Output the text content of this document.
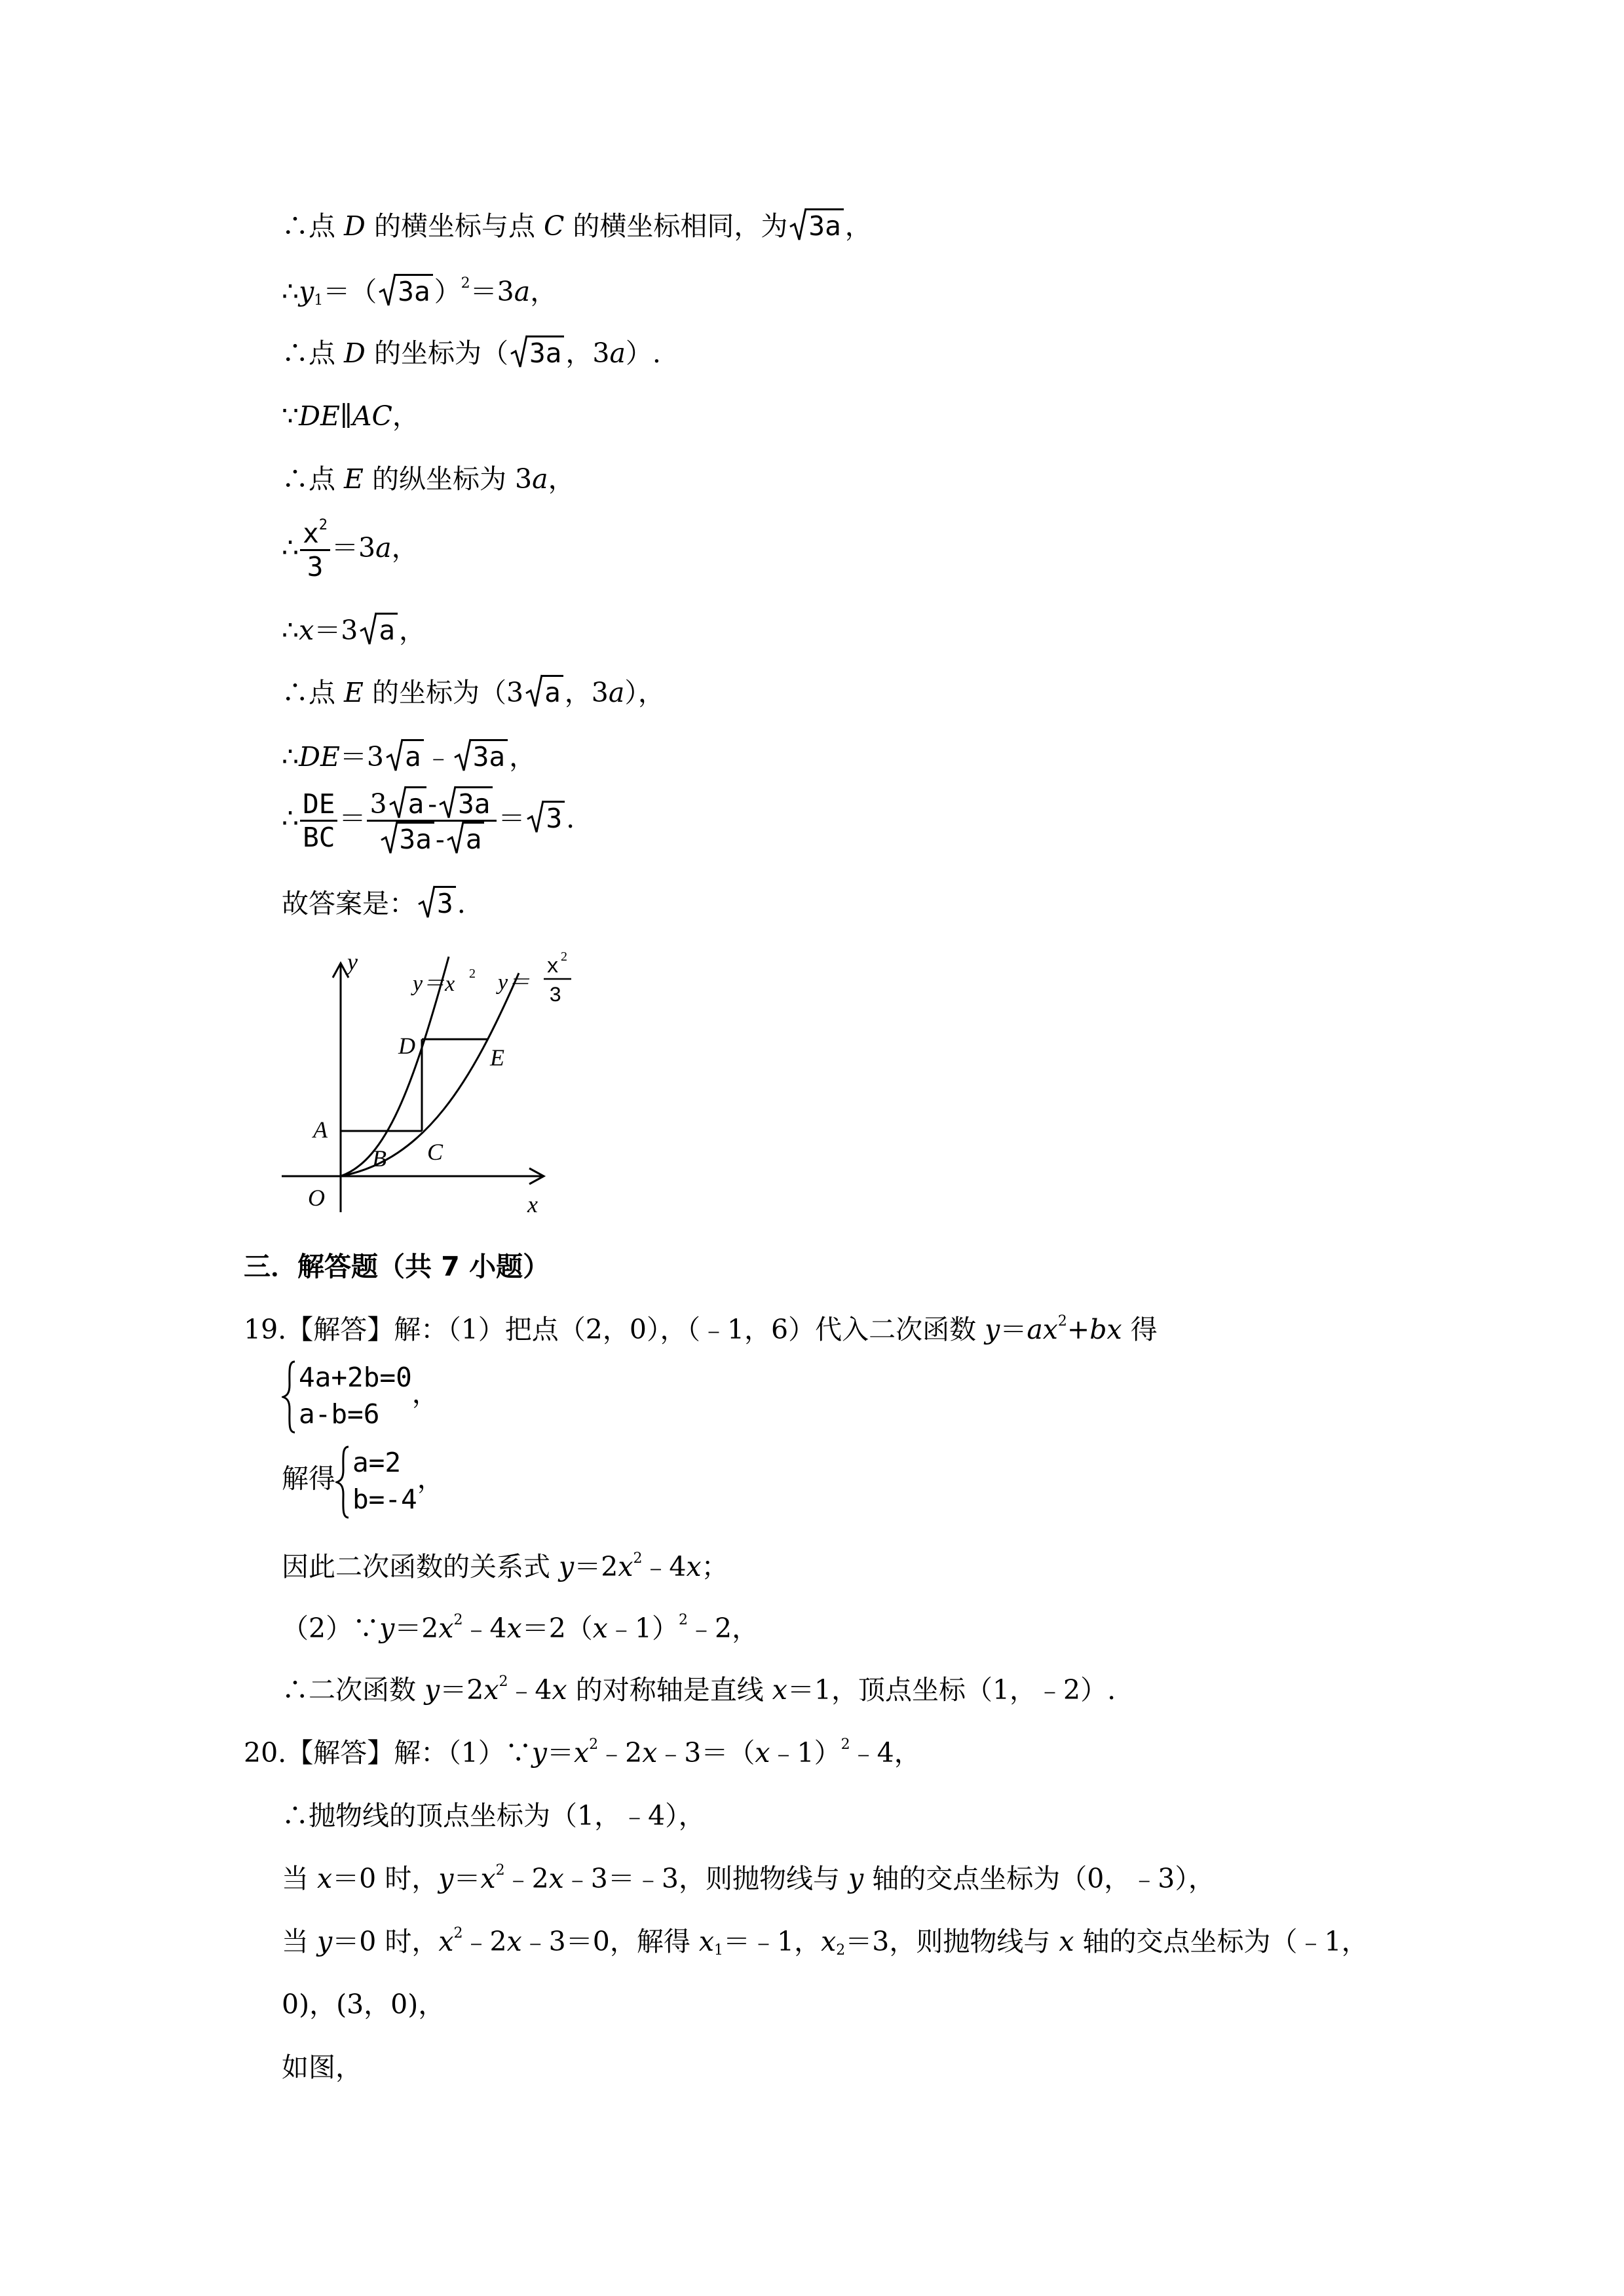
∴点 D 的横坐标与点 C 的横坐标相同，为 3a ，
$\therefore y_1=$（ 3a ）$^2$＝3a，
∴点 D 的坐标为（ 3a ，3a）.
∵DE∥AC，
∴点 E 的纵坐标为 3a，
∴ $\frac{x^2}{3} =3a$，
∴x＝3 a ，
∴点 E 的坐标为（3 a ，3a），
∴DE＝3 a ﹣ 3a ，
∴ $\frac{DE}{BC} = \frac{3 a - 3a}{3a - a} = 3$ .
故答案是： 3 .
y
x
O
A
B C
D	E
y＝x 2 y＝
x 2
3
三．解答题（共 7 小题）
19.【解答】解：（1）把点（2，0），（﹣1，6）代入二次函数 $y=ax^2+bx$ 得
4a+2b=0
a-b=6
，
解得
a=2
b=-4
，
因此二次函数的关系式 $y=2x^2﹣4x$；
$(2)\because y=2x^2﹣4x=2(x﹣1)^2﹣2$，
∴二次函数 $y=2x^2﹣4x$ 的对称轴是直线 x＝1，顶点坐标（1，﹣2）.
20.【解答】解：$(1)\because y=x^2﹣2x﹣3=(x﹣1)^2﹣4$，
∴抛物线的顶点坐标为（1，﹣4），
当 x＝0 时，$y=x^2﹣2x﹣3=﹣3$，则抛物线与 y 轴的交点坐标为（0，﹣3），
当 y＝0 时，$x^2﹣2x﹣3=0$，解得 $x_1=﹣1$，$x_2=3$，则抛物线与 x 轴的交点坐标为（﹣1，
0)，(3，0)，
如图，
